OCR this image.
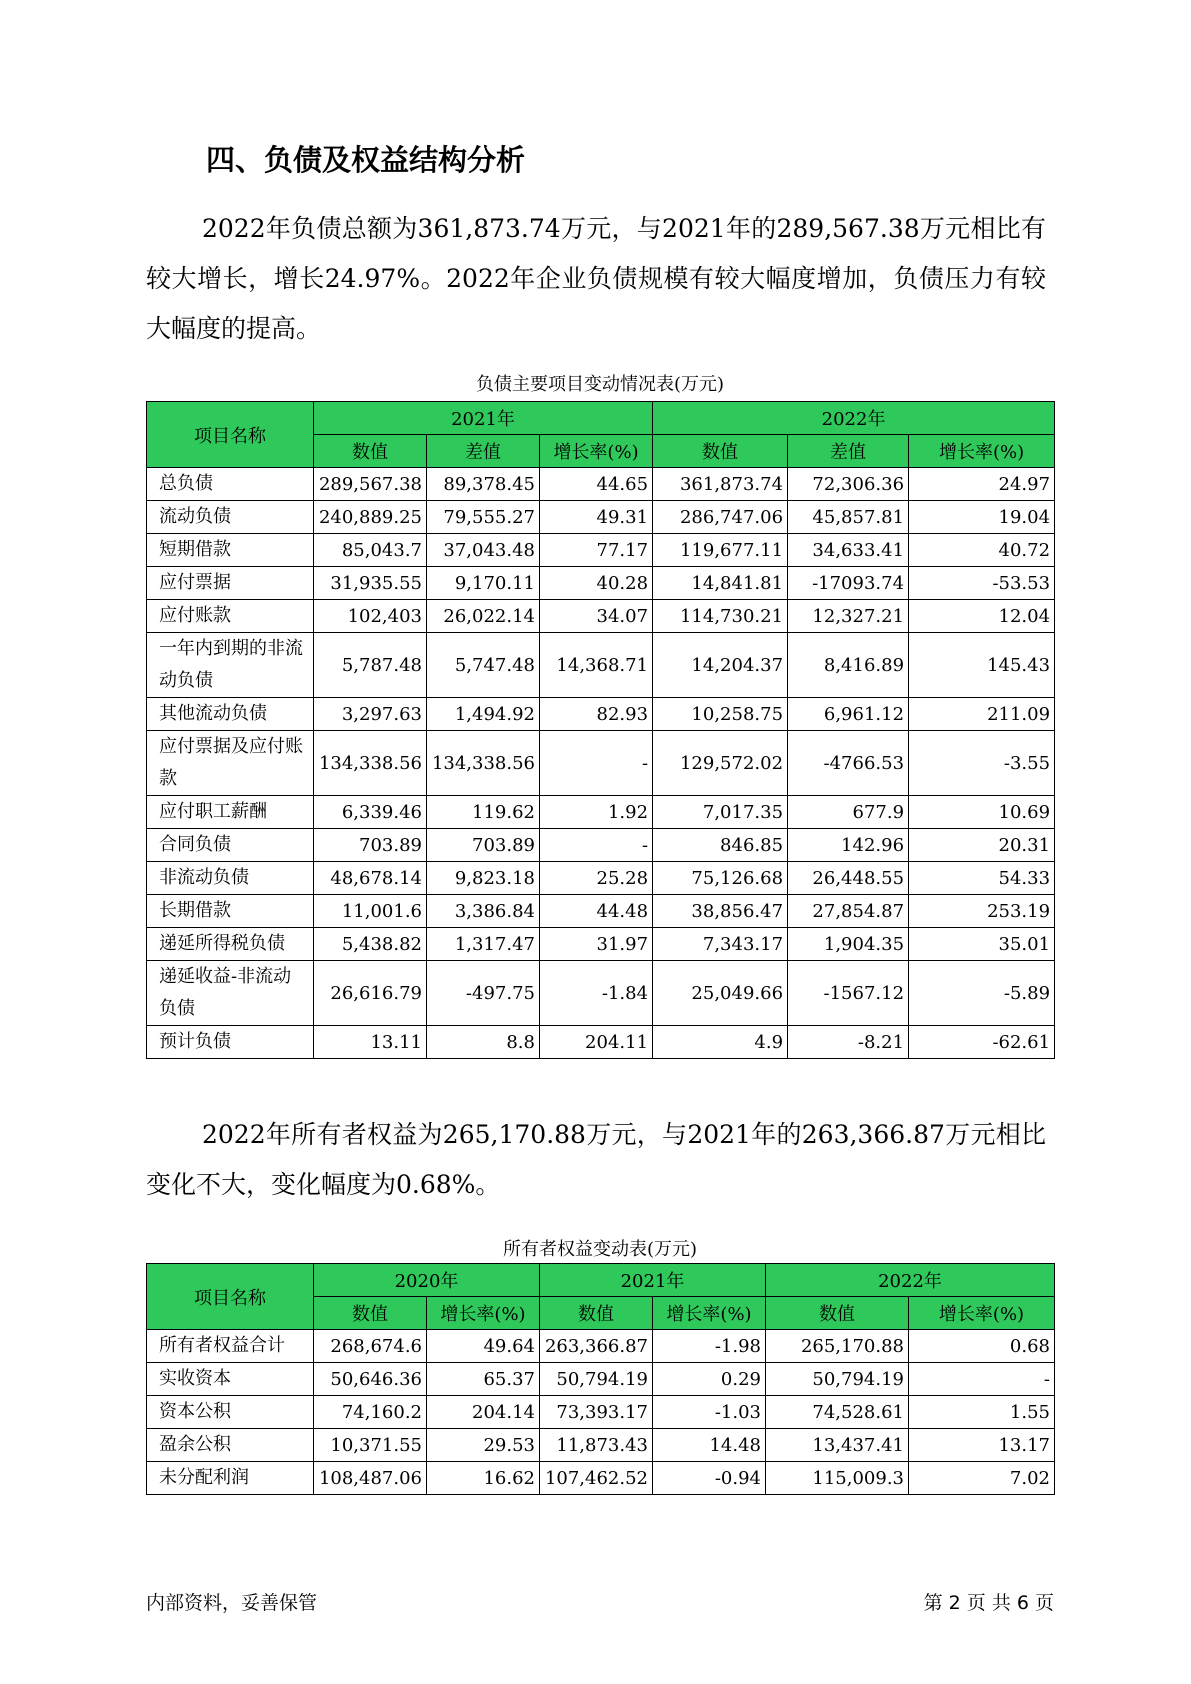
四、负债及权益结构分析

2022年负债总额为361,873.74万元，与2021年的289,567.38万元相比有较大增长，增长24.97%。2022年企业负债规模有较大幅度增加，负债压力有较大幅度的提高。

负债主要项目变动情况表(万元)
项目名称	2021年			2022年		
	数值	差值	增长率(%)	数值	差值	增长率(%)
总负债	289,567.38	89,378.45	44.65	361,873.74	72,306.36	24.97
流动负债	240,889.25	79,555.27	49.31	286,747.06	45,857.81	19.04
短期借款	85,043.7	37,043.48	77.17	119,677.11	34,633.41	40.72
应付票据	31,935.55	9,170.11	40.28	14,841.81	-17093.74	-53.53
应付账款	102,403	26,022.14	34.07	114,730.21	12,327.21	12.04
一年内到期的非流动负债	5,787.48	5,747.48	14,368.71	14,204.37	8,416.89	145.43
其他流动负债	3,297.63	1,494.92	82.93	10,258.75	6,961.12	211.09
应付票据及应付账款	134,338.56	134,338.56	-	129,572.02	-4766.53	-3.55
应付职工薪酬	6,339.46	119.62	1.92	7,017.35	677.9	10.69
合同负债	703.89	703.89	-	846.85	142.96	20.31
非流动负债	48,678.14	9,823.18	25.28	75,126.68	26,448.55	54.33
长期借款	11,001.6	3,386.84	44.48	38,856.47	27,854.87	253.19
递延所得税负债	5,438.82	1,317.47	31.97	7,343.17	1,904.35	35.01
递延收益-非流动负债	26,616.79	-497.75	-1.84	25,049.66	-1567.12	-5.89
预计负债	13.11	8.8	204.11	4.9	-8.21	-62.61

2022年所有者权益为265,170.88万元，与2021年的263,366.87万元相比变化不大，变化幅度为0.68%。

所有者权益变动表(万元)
项目名称	2020年		2021年		2022年	
	数值	增长率(%)	数值	增长率(%)	数值	增长率(%)
所有者权益合计	268,674.6	49.64	263,366.87	-1.98	265,170.88	0.68
实收资本	50,646.36	65.37	50,794.19	0.29	50,794.19	-
资本公积	74,160.2	204.14	73,393.17	-1.03	74,528.61	1.55
盈余公积	10,371.55	29.53	11,873.43	14.48	13,437.41	13.17
未分配利润	108,487.06	16.62	107,462.52	-0.94	115,009.3	7.02
内部资料，妥善保管	第 2 页 共 6 页
